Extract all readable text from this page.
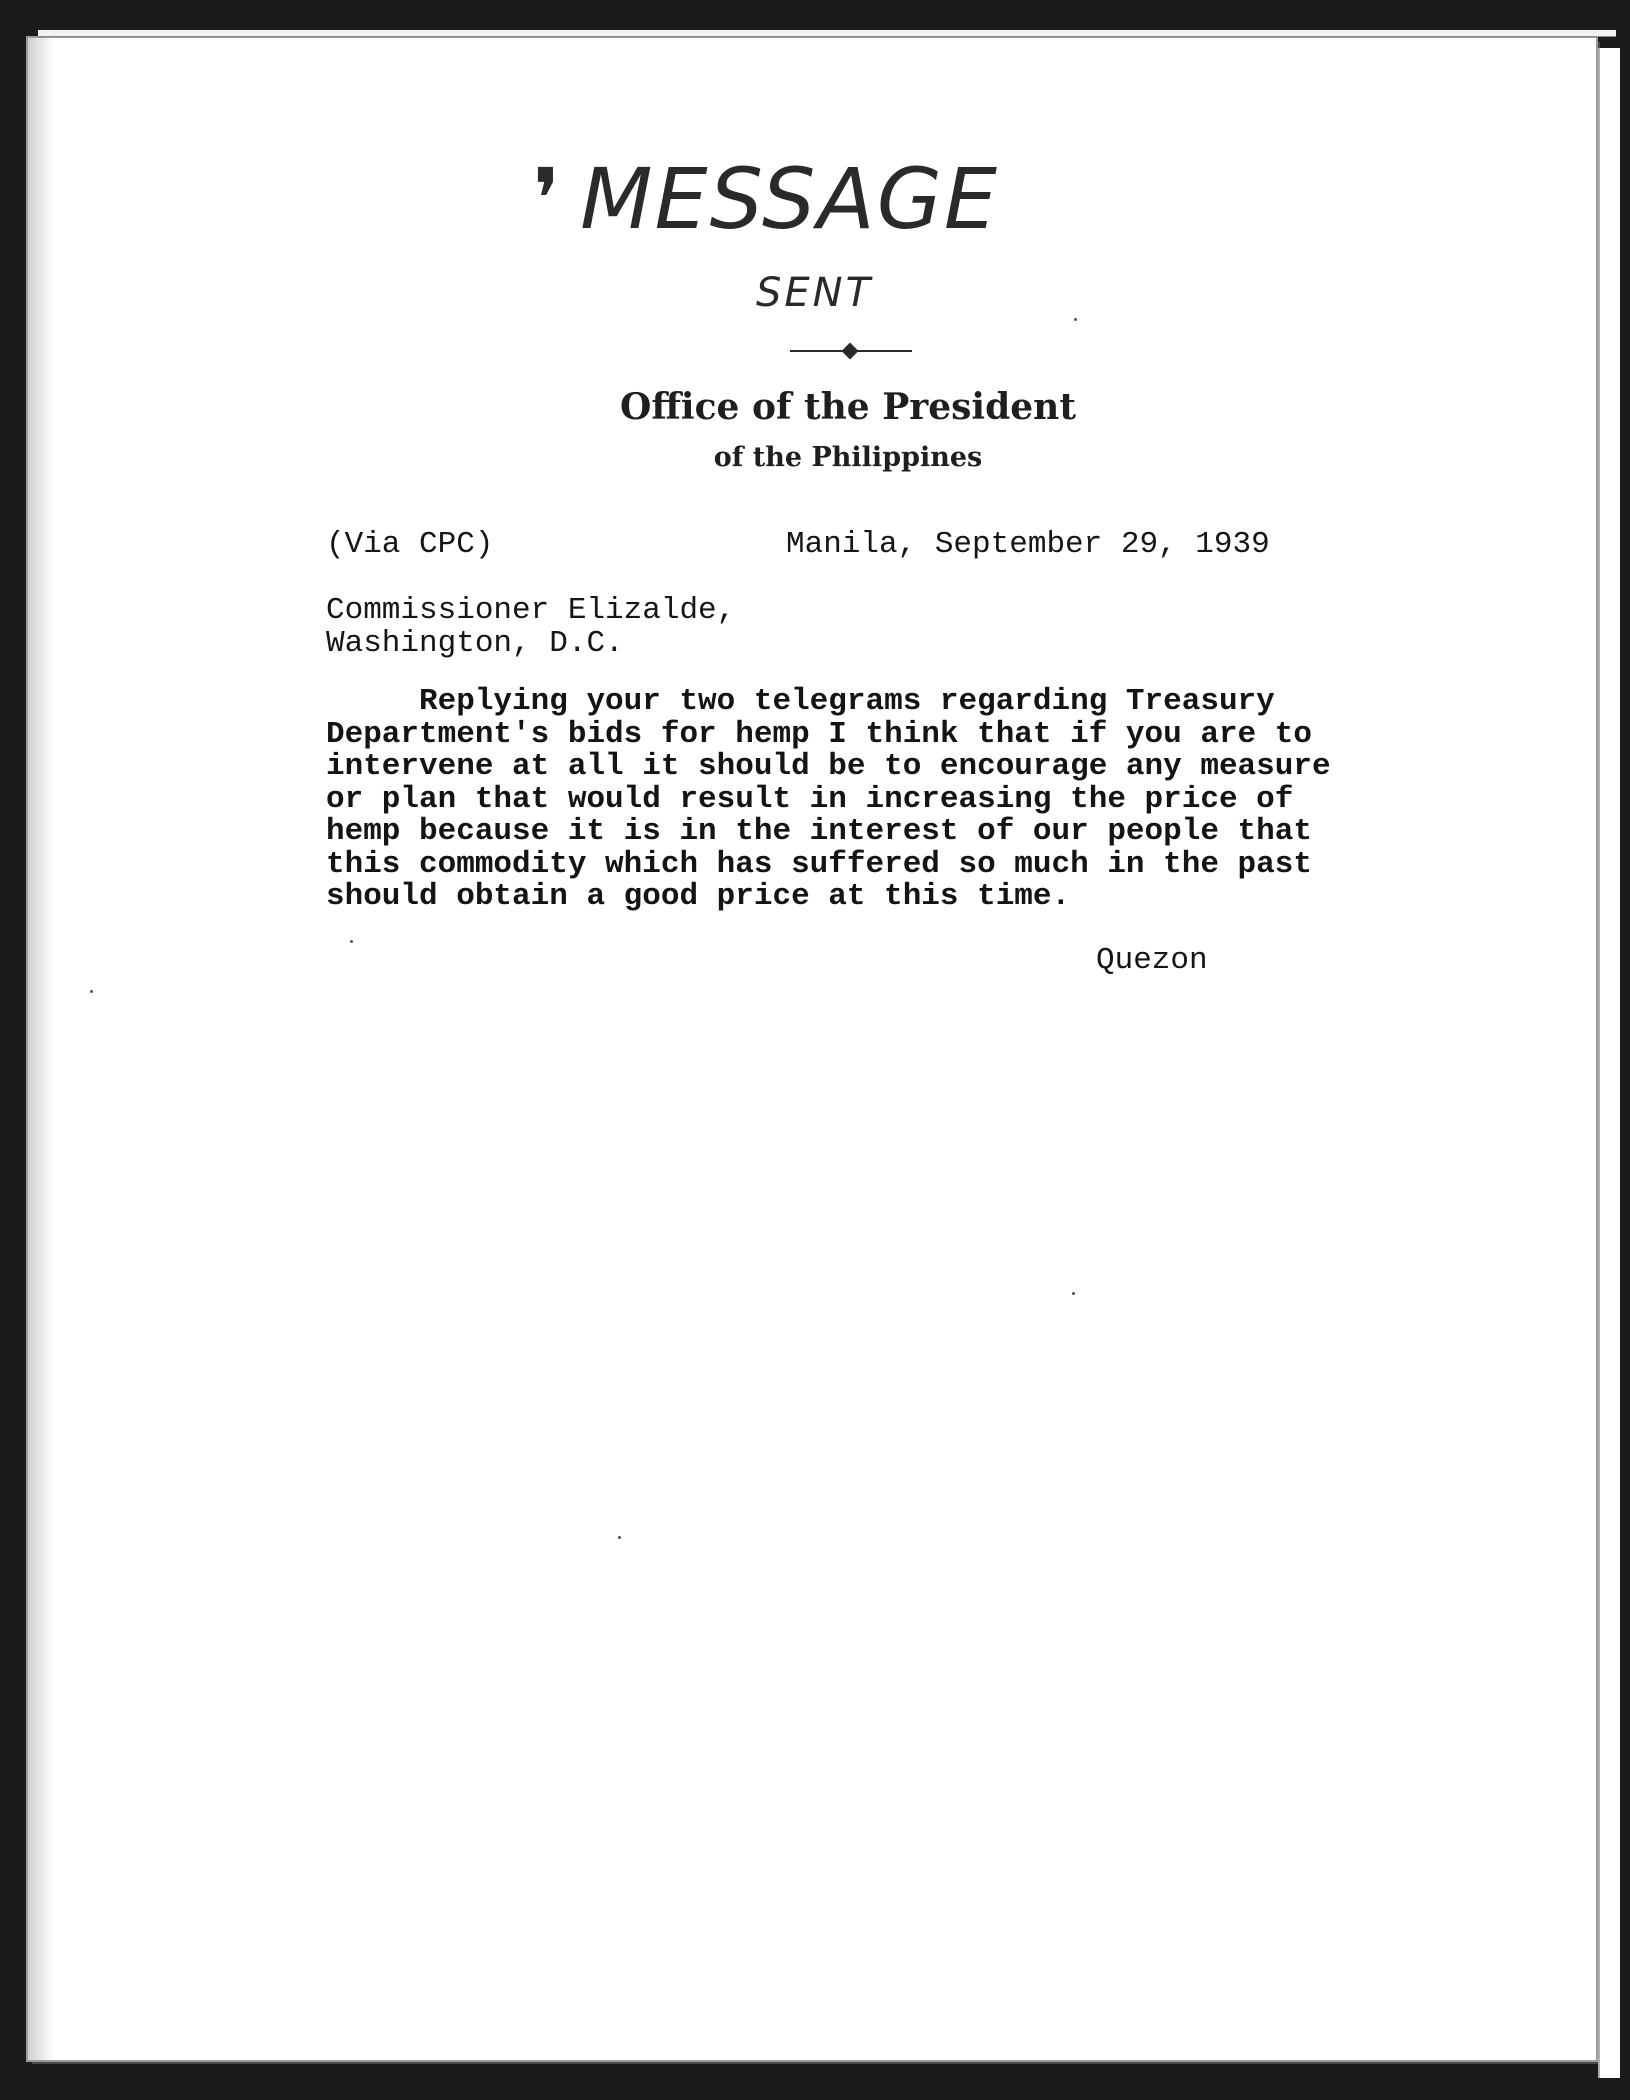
❜ MESSAGE
SENT
Office of the President
of the Philippines
(Via CPC)	Manila, September 29, 1939
Commissioner Elizalde,
Washington, D.C.
Replying your two telegrams regarding Treasury
Department's bids for hemp I think that if you are to
intervene at all it should be to encourage any measure
or plan that would result in increasing the price of
hemp because it is in the interest of our people that
this commodity which has suffered so much in the past
should obtain a good price at this time.
Quezon
